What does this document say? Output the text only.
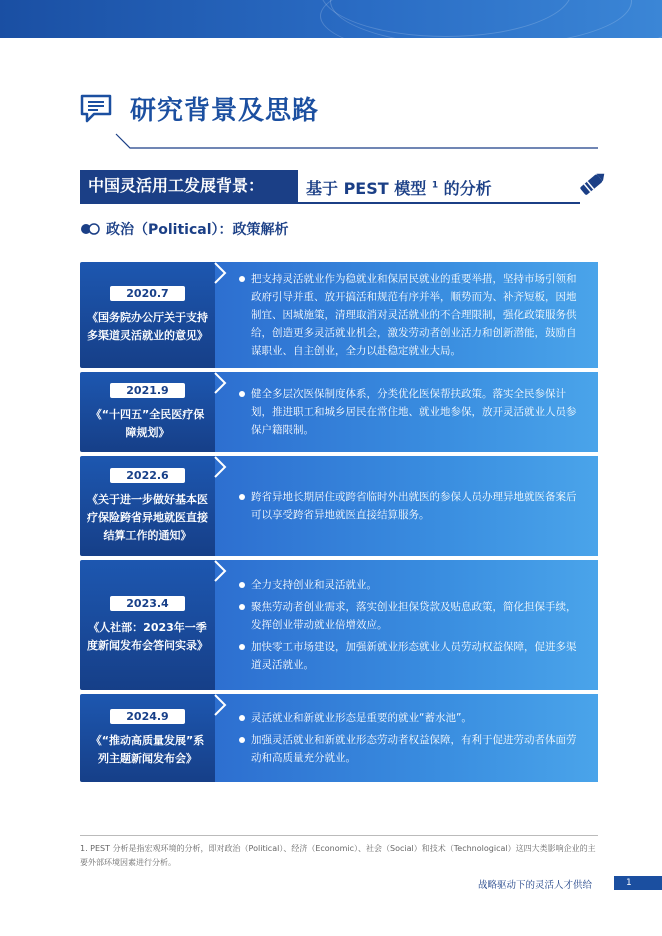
研究背景及思路
中国灵活用工发展背景：	基于 PEST 模型 $^1$ 的分析
政治（Political）：政策解析
2020.7
《国务院办公厅关于支持多渠道灵活就业的意见》
把支持灵活就业作为稳就业和保居民就业的重要举措，坚持市场引领和政府引导并重、放开搞活和规范有序并举，顺势而为、补齐短板，因地制宜、因城施策，清理取消对灵活就业的不合理限制，强化政策服务供给，创造更多灵活就业机会，激发劳动者创业活力和创新潜能，鼓励自谋职业、自主创业，全力以赴稳定就业大局。
2021.9
《“十四五”全民医疗保障规划》
健全多层次医保制度体系，分类优化医保帮扶政策。落实全民参保计划，推进职工和城乡居民在常住地、就业地参保，放开灵活就业人员参保户籍限制。
2022.6
《关于进一步做好基本医疗保险跨省异地就医直接结算工作的通知》
跨省异地长期居住或跨省临时外出就医的参保人员办理异地就医备案后可以享受跨省异地就医直接结算服务。
2023.4
《人社部：2023年一季度新闻发布会答问实录》
全力支持创业和灵活就业。
聚焦劳动者创业需求，落实创业担保贷款及贴息政策，简化担保手续，发挥创业带动就业倍增效应。
加快零工市场建设，加强新就业形态就业人员劳动权益保障，促进多渠道灵活就业。
2024.9
《“推动高质量发展”系列主题新闻发布会》
灵活就业和新就业形态是重要的就业“蓄水池”。
加强灵活就业和新就业形态劳动者权益保障，有利于促进劳动者体面劳动和高质量充分就业。
1. PEST 分析是指宏观环境的分析，即对政治（Political）、经济（Economic）、社会（Social）和技术（Technological）这四大类影响企业的主要外部环境因素进行分析。
战略驱动下的灵活人才供给	1
